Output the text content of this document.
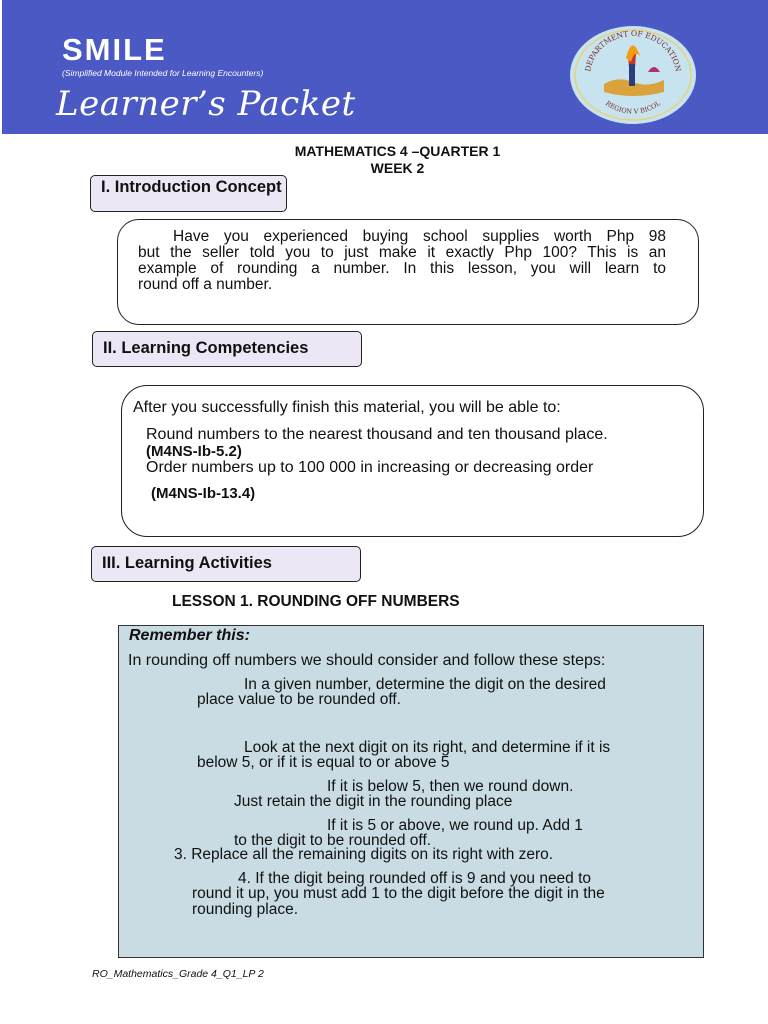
SMILE
(Simplified Module Intended for Learning Encounters)
Learner’s Packet
DEPARTMENT OF EDUCATION
REGION V BICOL
MATHEMATICS 4 –QUARTER 1
WEEK 2
I. Introduction Concept
Have you experienced buying school supplies worth Php 98
but the seller told you to just make it exactly Php 100? This is an
example of rounding a number. In this lesson, you will learn to
round off a number.
II. Learning Competencies
After you successfully finish this material, you will be able to:
Round numbers to the nearest thousand and ten thousand place.
(M4NS-Ib-5.2)
Order numbers up to 100 000 in increasing or decreasing order
(M4NS-Ib-13.4)
III. Learning Activities
LESSON 1. ROUNDING OFF NUMBERS
Remember this:
In rounding off numbers we should consider and follow these steps:
In a given number, determine the digit on the desired
place value to be rounded off.
Look at the next digit on its right, and determine if it is
below 5, or if it is equal to or above 5
If it is below 5, then we round down.
Just retain the digit in the rounding place
If it is 5 or above, we round up. Add 1
to the digit to be rounded off.
3. Replace all the remaining digits on its right with zero.
4. If the digit being rounded off is 9 and you need to
round it up, you must add 1 to the digit before the digit in the
rounding place.
RO_Mathematics_Grade 4_Q1_LP 2
